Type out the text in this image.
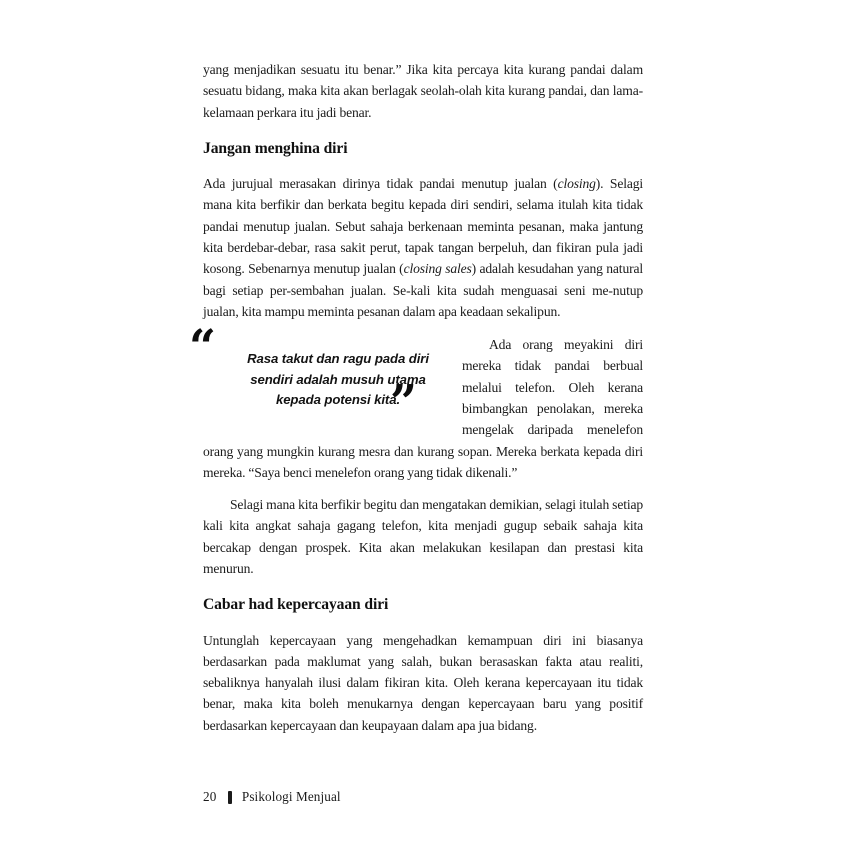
yang menjadikan sesuatu itu benar.” Jika kita percaya kita kurang pandai dalam sesuatu bidang, maka kita akan berlagak seolah-olah kita kurang pandai, dan lama-kelamaan perkara itu jadi benar.

Jangan menghina diri

Ada jurujual merasakan dirinya tidak pandai menutup jualan (closing). Selagi mana kita berfikir dan berkata begitu kepada diri sendiri, selama itulah kita tidak pandai menutup jualan. Sebut sahaja berkenaan meminta pesanan, maka jantung kita berdebar-debar, rasa sakit perut, tapak tangan berpeluh, dan fikiran pula jadi kosong. Sebenarnya menutup jualan (closing sales) adalah kesudahan yang natural bagi setiap per-sembahan jualan. Se-kali kita sudah menguasai seni me-nutup jualan, kita mampu meminta pesanan dalam apa keadaan sekalipun.

“	Rasa takut dan ragu pada diri sendiri adalah musuh utama kepada potensi kita.
”

Ada orang meyakini diri mereka tidak pandai berbual melalui telefon. Oleh kerana bimbangkan penolakan, mereka mengelak daripada menelefon orang yang mungkin kurang mesra dan kurang sopan. Mereka berkata kepada diri mereka. “Saya benci menelefon orang yang tidak dikenali.”

Selagi mana kita berfikir begitu dan mengatakan demikian, selagi itulah setiap kali kita angkat sahaja gagang telefon, kita menjadi gugup sebaik sahaja kita bercakap dengan prospek. Kita akan melakukan kesilapan dan prestasi kita menurun.

Cabar had kepercayaan diri

Untunglah kepercayaan yang mengehadkan kemampuan diri ini biasanya berdasarkan pada maklumat yang salah, bukan berasaskan fakta atau realiti, sebaliknya hanyalah ilusi dalam fikiran kita. Oleh kerana kepercayaan itu tidak benar, maka kita boleh menukarnya dengan kepercayaan baru yang positif berdasarkan kepercayaan dan keupayaan dalam apa jua bidang.

20 Psikologi Menjual
